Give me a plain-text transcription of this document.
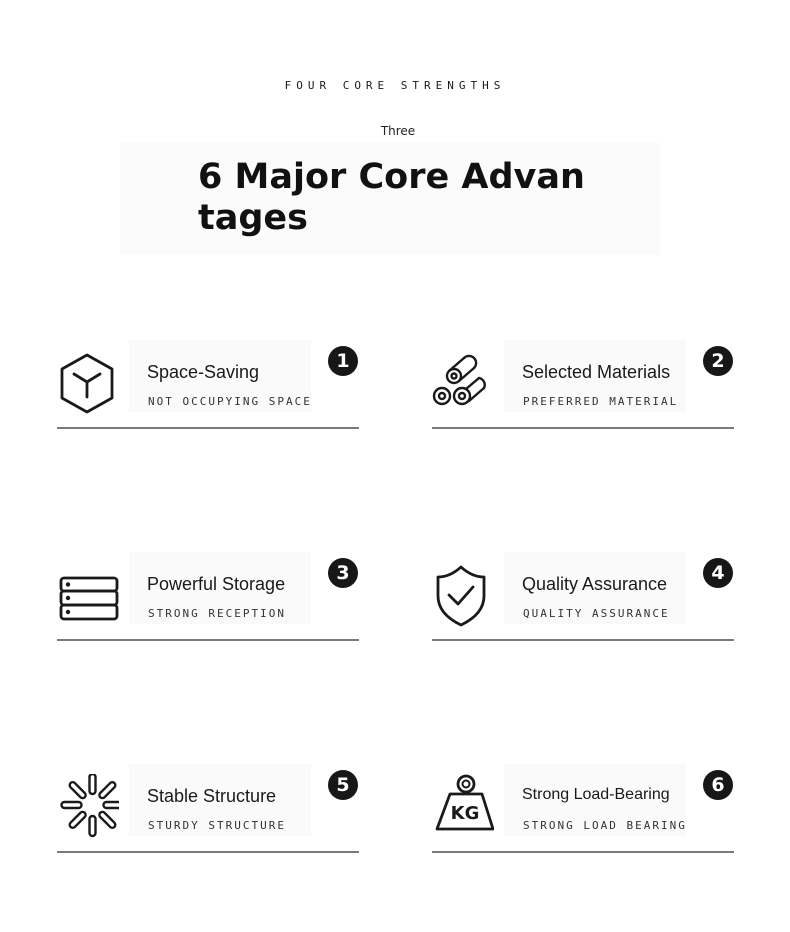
FOUR CORE STRENGTHS
Three
6 Major Core Advantages
Space-Saving
NOT OCCUPYING SPACE
1	Selected Materials
PREFERRED MATERIAL
2
Powerful Storage
STRONG RECEPTION
3	Quality Assurance
QUALITY ASSURANCE
4
Stable Structure
STURDY STRUCTURE
5
KG
Strong Load-Bearing
STRONG LOAD BEARING
6
